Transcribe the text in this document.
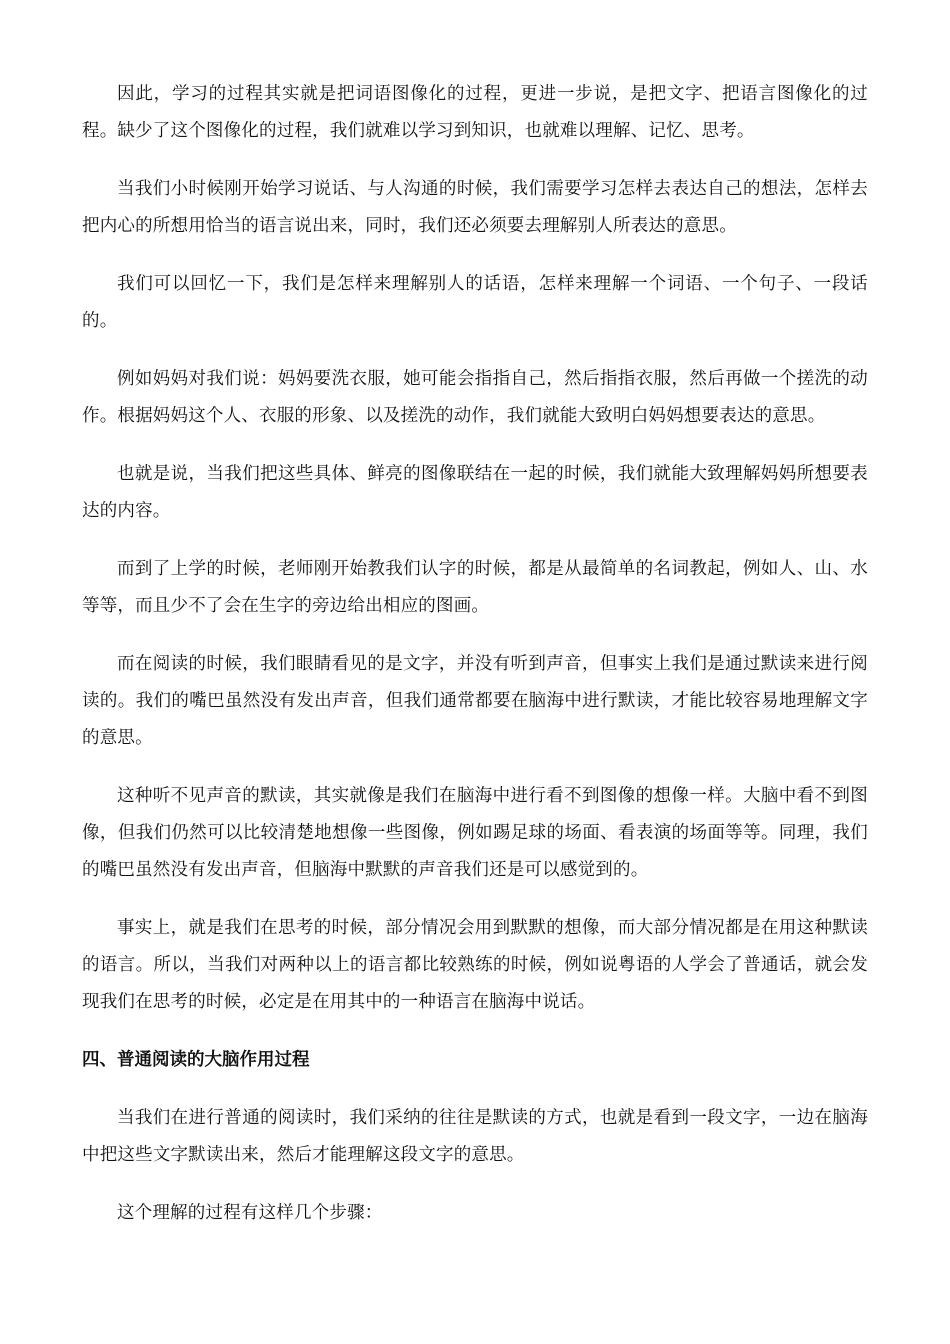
因此，学习的过程其实就是把词语图像化的过程，更进一步说，是把文字、把语言图像化的过程。缺少了这个图像化的过程，我们就难以学习到知识，也就难以理解、记忆、思考。

当我们小时候刚开始学习说话、与人沟通的时候，我们需要学习怎样去表达自己的想法，怎样去把内心的所想用恰当的语言说出来，同时，我们还必须要去理解别人所表达的意思。

我们可以回忆一下，我们是怎样来理解别人的话语，怎样来理解一个词语、一个句子、一段话的。

例如妈妈对我们说：妈妈要洗衣服，她可能会指指自己，然后指指衣服，然后再做一个搓洗的动作。根据妈妈这个人、衣服的形象、以及搓洗的动作，我们就能大致明白妈妈想要表达的意思。

也就是说，当我们把这些具体、鲜亮的图像联结在一起的时候，我们就能大致理解妈妈所想要表达的内容。

而到了上学的时候，老师刚开始教我们认字的时候，都是从最简单的名词教起，例如人、山、水等等，而且少不了会在生字的旁边给出相应的图画。

而在阅读的时候，我们眼睛看见的是文字，并没有听到声音，但事实上我们是通过默读来进行阅读的。我们的嘴巴虽然没有发出声音，但我们通常都要在脑海中进行默读，才能比较容易地理解文字的意思。

这种听不见声音的默读，其实就像是我们在脑海中进行看不到图像的想像一样。大脑中看不到图像，但我们仍然可以比较清楚地想像一些图像，例如踢足球的场面、看表演的场面等等。同理，我们的嘴巴虽然没有发出声音，但脑海中默默的声音我们还是可以感觉到的。

事实上，就是我们在思考的时候，部分情况会用到默默的想像，而大部分情况都是在用这种默读的语言。所以，当我们对两种以上的语言都比较熟练的时候，例如说粤语的人学会了普通话，就会发现我们在思考的时候，必定是在用其中的一种语言在脑海中说话。

四、普通阅读的大脑作用过程

当我们在进行普通的阅读时，我们采纳的往往是默读的方式，也就是看到一段文字，一边在脑海中把这些文字默读出来，然后才能理解这段文字的意思。

这个理解的过程有这样几个步骤：
